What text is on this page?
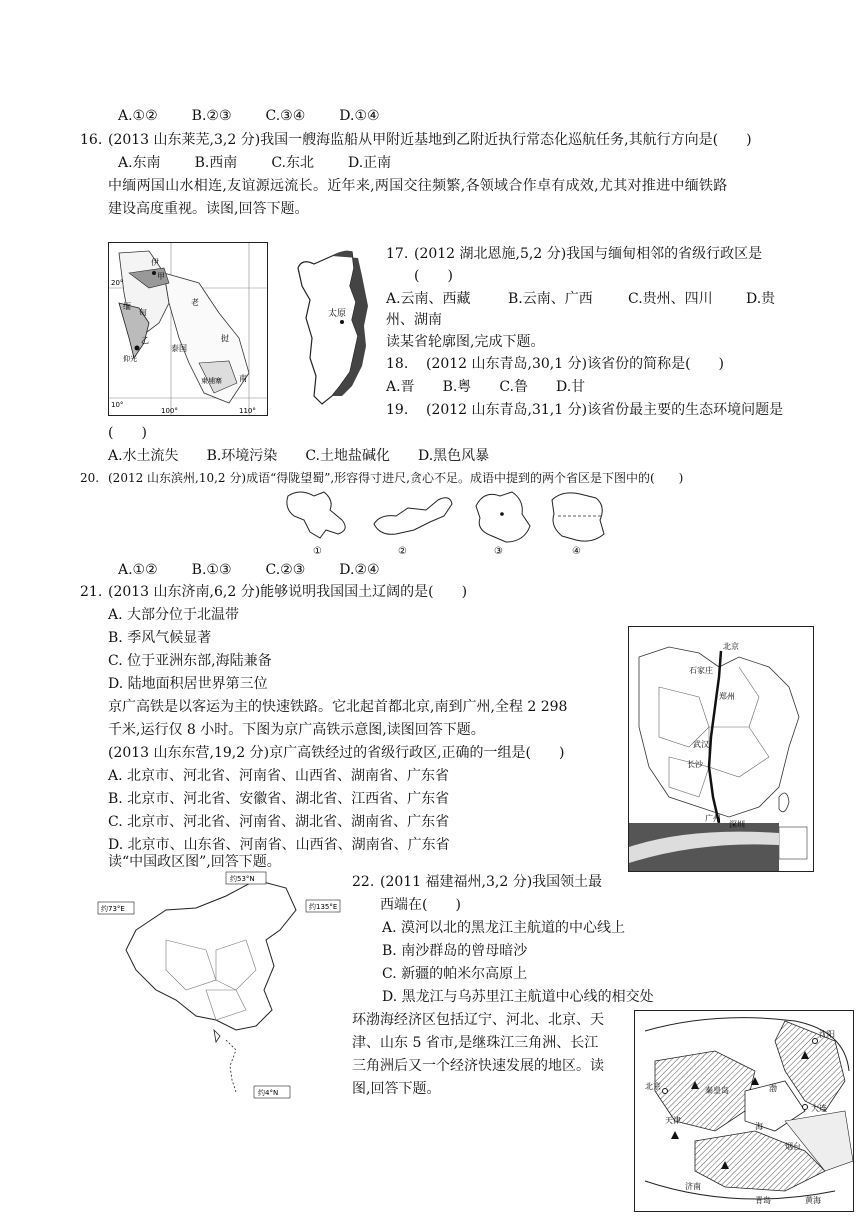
A.①② B.②③ C.③④ D.①④
16. (2013 山东莱芜,3,2 分)我国一艘海监船从甲附近基地到乙附近执行常态化巡航任务,其航行方向是(　　)
A.东南 B.西南 C.东北 D.正南
中缅两国山水相连,友谊源远流长。近年来,两国交往频繁,各领域合作卓有成效,尤其对推进中缅铁路
建设高度重视。读图,回答下题。
伊
缅
甸
老
泰国
挝
柬埔寨 南
仰光
甲
乙
10°
100°	110°
20°
太原
17. (2012 湖北恩施,5,2 分)我国与缅甸相邻的省级行政区是
(　　)
A.云南、西藏	B.云南、广西	C.贵州、四川 D.贵
州、湖南
读某省轮廓图,完成下题。
18. (2012 山东青岛,30,1 分)该省份的简称是(　　)
A.晋 B.粤 C.鲁 D.甘
19. (2012 山东青岛,31,1 分)该省份最主要的生态环境问题是
(　　)
A.水土流失 B.环境污染 C.土地盐碱化 D.黑色风暴
20. (2012 山东滨州,10,2 分)成语“得陇望蜀”,形容得寸进尺,贪心不足。成语中提到的两个省区是下图中的(　　)
①	②	③	④
A.①② B.①③ C.②③ D.②④
21. (2013 山东济南,6,2 分)能够说明我国国土辽阔的是(　　)
A. 大部分位于北温带
B. 季风气候显著
C. 位于亚洲东部,海陆兼备
D. 陆地面积居世界第三位
京广高铁是以客运为主的快速铁路。它北起首都北京,南到广州,全程 2 298
千米,运行仅 8 小时。下图为京广高铁示意图,读图回答下题。
(2013 山东东营,19,2 分)京广高铁经过的省级行政区,正确的一组是(　　)
A. 北京市、河北省、河南省、山西省、湖南省、广东省
B. 北京市、河北省、安徽省、湖北省、江西省、广东省
C. 北京市、河北省、河南省、湖北省、湖南省、广东省
D. 北京市、山东省、河南省、山西省、湖南省、广东省
北京
石家庄
郑州
武汉
长沙
广州
深圳
读“中国政区图”,回答下题。
约53°N
约73°E	约135°E
约4°N
22. (2011 福建福州,3,2 分)我国领土最
西端在(　　)
A. 漠河以北的黑龙江主航道的中心线上
B. 南沙群岛的曾母暗沙
C. 新疆的帕米尔高原上
D. 黑龙江与乌苏里江主航道中心线的相交处
环渤海经济区包括辽宁、河北、北京、天
津、山东 5 省市,是继珠江三角洲、长江
三角洲后又一个经济快速发展的地区。读
图,回答下题。
沈阳
北京	秦皇岛
天津
渤
海
大连
烟台
济南
青岛	黄海
